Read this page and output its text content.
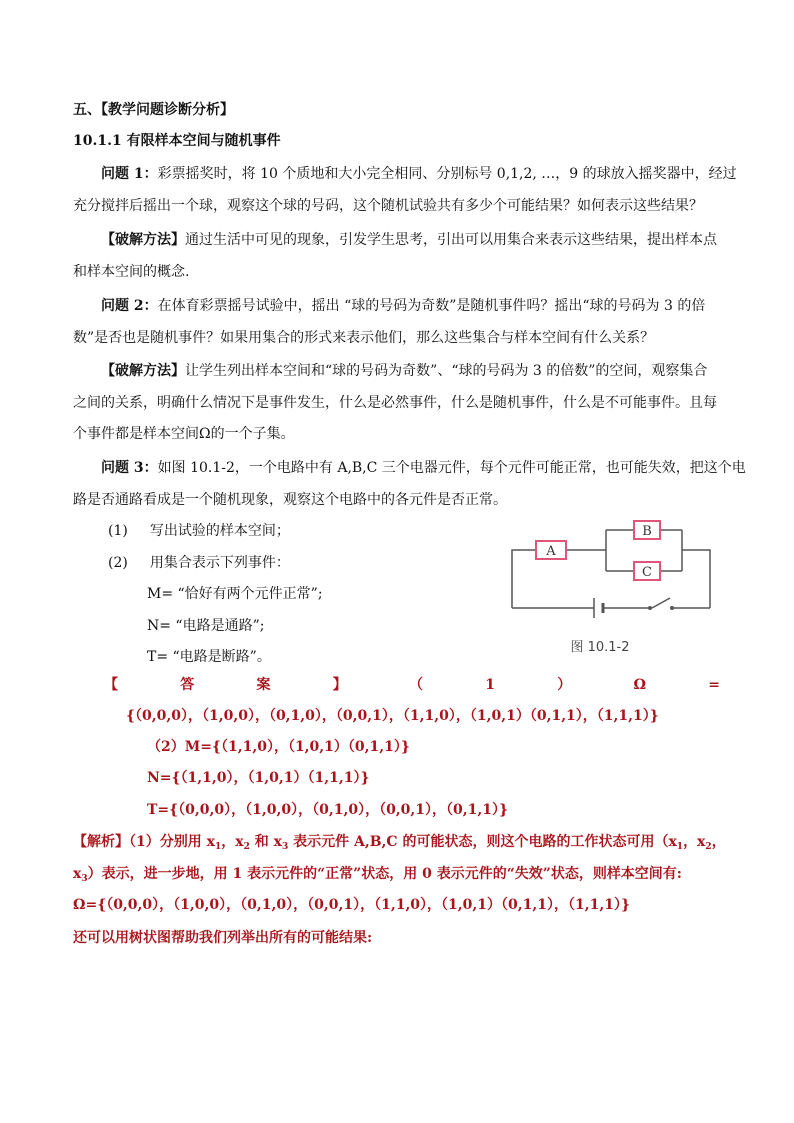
五、【教学问题诊断分析】
10.1.1 有限样本空间与随机事件
问题 1：彩票摇奖时，将 10 个质地和大小完全相同、分别标号 0,1,2, …，9 的球放入摇奖器中，经过
充分搅拌后摇出一个球，观察这个球的号码，这个随机试验共有多少个可能结果？如何表示这些结果？
【破解方法】通过生活中可见的现象，引发学生思考，引出可以用集合来表示这些结果，提出样本点
和样本空间的概念.
问题 2：在体育彩票摇号试验中，摇出 “球的号码为奇数”是随机事件吗？摇出“球的号码为 3 的倍
数”是否也是随机事件？如果用集合的形式来表示他们，那么这些集合与样本空间有什么关系？
【破解方法】让学生列出样本空间和“球的号码为奇数”、“球的号码为 3 的倍数”的空间，观察集合
之间的关系，明确什么情况下是事件发生，什么是必然事件，什么是随机事件，什么是不可能事件。且每
个事件都是样本空间Ω的一个子集。
问题 3：如图 10.1-2，一个电路中有 A,B,C 三个电器元件，每个元件可能正常，也可能失效，把这个电
路是否通路看成是一个随机现象，观察这个电路中的各元件是否正常。
(1) 写出试验的样本空间；
(2) 用集合表示下列事件：
M= “恰好有两个元件正常”;
N= “电路是通路”;
T= “电路是断路”。
A
B
C
图 10.1-2
【	答	案	】	（	1	）	Ω	=
{（0,0,0），（1,0,0），（0,1,0），（0,0,1），（1,1,0），（1,0,1）（0,1,1），（1,1,1）}
（2）M={（1,1,0），（1,0,1）（0,1,1）}
N={（1,1,0），（1,0,1）（1,1,1）}
T={（0,0,0），（1,0,0），（0,1,0），（0,0,1），（0,1,1）}
【解析】（1）分别用 $x_1$，$x_2$ 和 $x_3$ 表示元件 A,B,C 的可能状态，则这个电路的工作状态可用（$x_1$，$x_2$，
$x_3$）表示，进一步地，用 1 表示元件的“正常”状态，用 0 表示元件的“失效”状态，则样本空间有:
Ω={（0,0,0），（1,0,0），（0,1,0），（0,0,1），（1,1,0），（1,0,1）（0,1,1），（1,1,1）}
还可以用树状图帮助我们列举出所有的可能结果:
